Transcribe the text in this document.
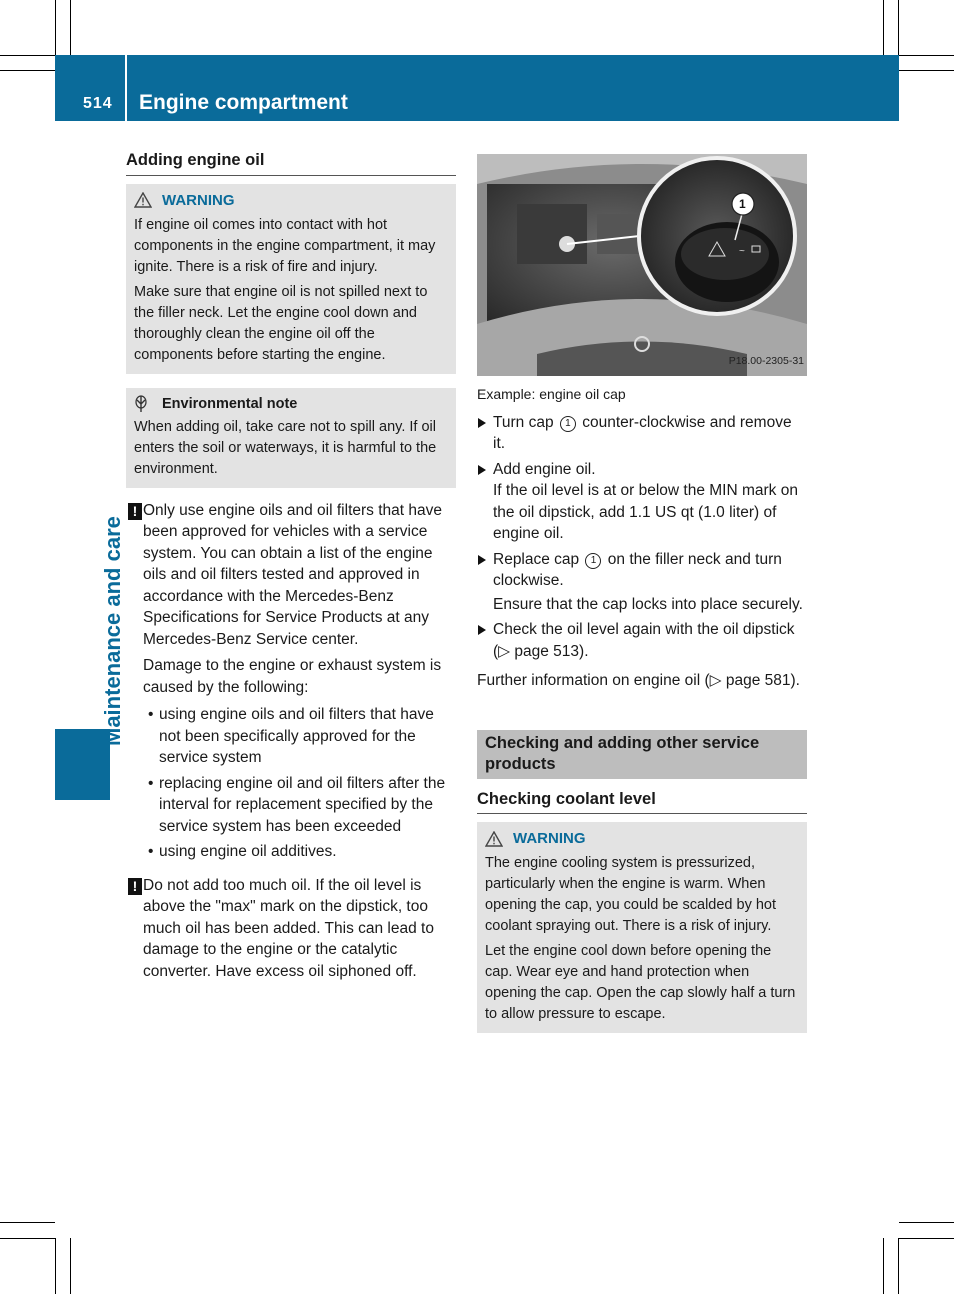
514 Engine compartment
Maintenance and care
Adding engine oil
WARNING

If engine oil comes into contact with hot components in the engine compartment, it may ignite. There is a risk of fire and injury.

Make sure that engine oil is not spilled next to the filler neck. Let the engine cool down and thoroughly clean the engine oil off the components before starting the engine.

Environmental note
When adding oil, take care not to spill any. If oil enters the soil or waterways, it is harmful to the environment.
! Only use engine oils and oil filters that have been approved for vehicles with a service system. You can obtain a list of the engine oils and oil filters tested and approved in accordance with the Mercedes-Benz Specifications for Service Products at any Mercedes-Benz Service center.

Damage to the engine or exhaust system is caused by the following:

• using engine oils and oil filters that have not been specifically approved for the service system
• replacing engine oil and oil filters after the interval for replacement specified by the service system has been exceeded
• using engine oil additives.
! Do not add too much oil. If the oil level is above the "max" mark on the dipstick, too much oil has been added. This can lead to damage to the engine or the catalytic converter. Have excess oil siphoned off.

~
1
P18.00-2305-31
Example: engine oil cap
Turn cap 1 counter-clockwise and remove it.
Add engine oil.
If the oil level is at or below the MIN mark on the oil dipstick, add 1.1 US qt (1.0 liter) of engine oil.
Replace cap 1 on the filler neck and turn clockwise.
Ensure that the cap locks into place securely.
Check the oil level again with the oil dipstick (▷ page 513).

Further information on engine oil (▷ page 581).

Checking and adding other service products
Checking coolant level
WARNING

The engine cooling system is pressurized, particularly when the engine is warm. When opening the cap, you could be scalded by hot coolant spraying out. There is a risk of injury.

Let the engine cool down before opening the cap. Wear eye and hand protection when opening the cap. Open the cap slowly half a turn to allow pressure to escape.
